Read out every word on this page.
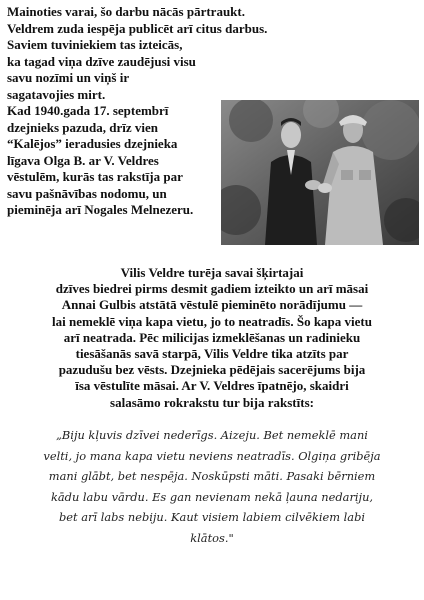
Mainoties varai, šo darbu nācās pārtraukt.
Veldrem zuda iespēja publicēt arī citus darbus.
Saviem tuviniekiem tas izteicās,
ka tagad viņa dzīve zaudējusi visu
savu nozīmi un viņš ir
sagatavojies mirt.
Kad 1940.gada 17. septembrī
dzejnieks pazuda, drīz vien
“Kalējos” ieradusies dzejnieka
līgava Olga B. ar V. Veldres
vēstulēm, kurās tas rakstīja par
savu pašnāvības nodomu, un
pieminēja arī Nogales Melnezeru.
Vilis Veldre turēja savai šķirtajai
dzīves biedrei pirms desmit gadiem izteikto un arī māsai
Annai Gulbis atstātā vēstulē pieminēto norādījumu —
lai nemeklē viņa kapa vietu, jo to neatradīs. Šo kapa vietu
arī neatrada. Pēc milicijas izmeklēšanas un radinieku
tiesāšanās savā starpā, Vilis Veldre tika atzīts par
pazudušu bez vēsts. Dzejnieka pēdējais sacerējums bija
īsa vēstulīte māsai. Ar V. Veldres īpatnējo, skaidri
salasāmo rokrakstu tur bija rakstīts:
„Biju kļuvis dzīvei nederīgs. Aizeju. Bet nemeklē mani
velti, jo mana kapa vietu neviens neatradīs. Olgiņa gribēja
mani glābt, bet nespēja. Noskūpsti māti. Pasaki bērniem
kādu labu vārdu. Es gan nevienam nekā ļauna nedariju,
bet arī labs nebiju. Kaut visiem labiem cilvēkiem labi
klātos."
